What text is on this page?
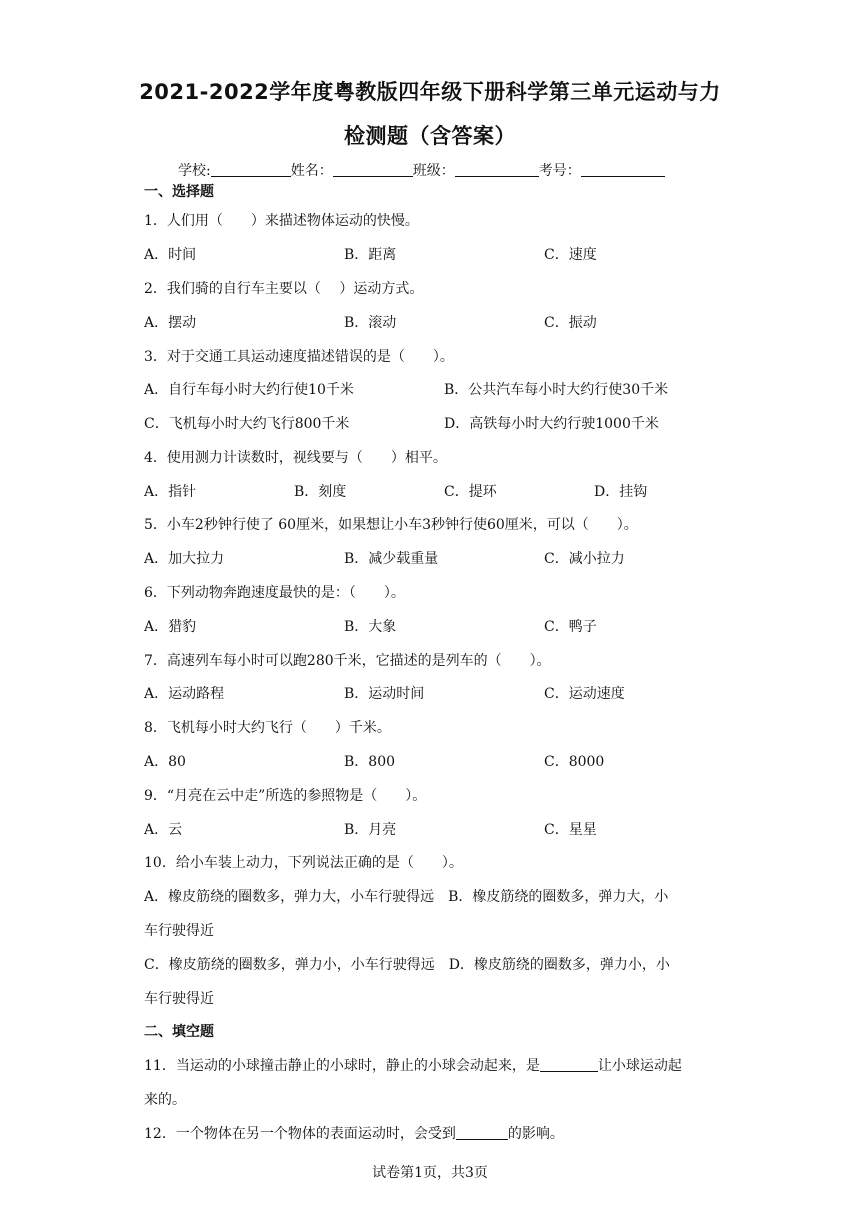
2021-2022学年度粤教版四年级下册科学第三单元运动与力
检测题（含答案）
学校:	姓名：	班级：	考号：
一、选择题
1．人们用（　　）来描述物体运动的快慢。
A．时间	B．距离	C．速度
2．我们骑的自行车主要以（　 ）运动方式。
A．摆动	B．滚动	C．振动
3．对于交通工具运动速度描述错误的是（　　）。
A．自行车每小时大约行使10千米	B．公共汽车每小时大约行使30千米
C．飞机每小时大约飞行800千米	D．高铁每小时大约行驶1000千米
4．使用测力计读数时，视线要与（　　）相平。
A．指针	B．刻度	C．提环	D．挂钩
5．小车2秒钟行使了 60厘米，如果想让小车3秒钟行使60厘米，可以（　　）。
A．加大拉力	B．减少载重量	C．减小拉力
6．下列动物奔跑速度最快的是：（　　）。
A．猎豹	B．大象	C．鸭子
7．高速列车每小时可以跑280千米，它描述的是列车的（　　）。
A．运动路程	B．运动时间	C．运动速度
8．飞机每小时大约飞行（　　）千米。
A．80	B．800	C．8000
9．“月亮在云中走”所选的参照物是（　　）。
A．云	B．月亮	C．星星
10．给小车装上动力，下列说法正确的是（　　）。
A．橡皮筋绕的圈数多，弹力大，小车行驶得远　B．橡皮筋绕的圈数多，弹力大，小
车行驶得近
C．橡皮筋绕的圈数多，弹力小，小车行驶得远　D．橡皮筋绕的圈数多，弹力小，小
车行驶得近
二、填空题
11．当运动的小球撞击静止的小球时，静止的小球会动起来，是	让小球运动起
来的。
12．一个物体在另一个物体的表面运动时，会受到	的影响。
试卷第1页，共3页
